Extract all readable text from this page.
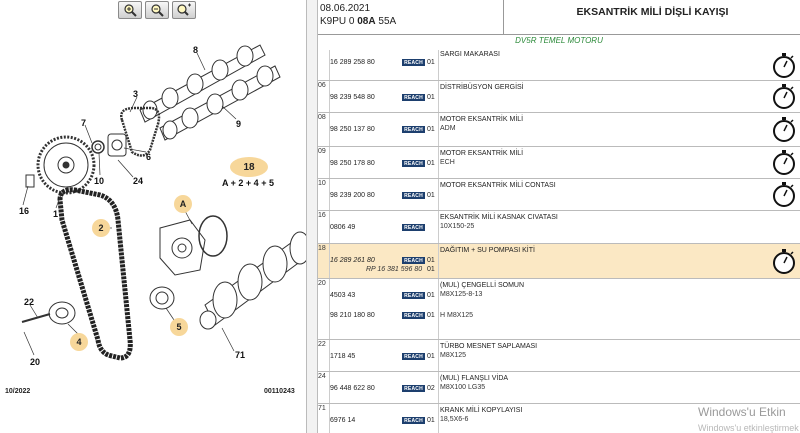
8
3
9
7
6
10	24
16	1
22
20
71
2
A
4
5
18
A + 2 + 4 + 5
10/2022	00110243
08.06.2021
K9PU 0 08A 55A
EKSANTRİK MİLİ DİŞLİ KAYIŞI
DV5R TEMEL MOTORU
16 289 258 80	REACH 01
SARGI MAKARASI
06
98 239 548 80	REACH 01
DİSTRİBÜSYON GERGİSİ
08
98 250 137 80	REACH 01
MOTOR EKSANTRİK MİLİ
ADM
09
98 250 178 80	REACH 01
MOTOR EKSANTRİK MİLİ
ECH
10
98 239 200 80	REACH 01
MOTOR EKSANTRİK MİLİ CONTASI
16
0806 49	REACH
EKSANTRİK MİLİ KASNAK CIVATASI
10X150-25
18
16 289 261 80	REACH 01
DAĞITIM + SU POMPASI KİTİ
RP 16 381 596 80 01
20
4503 43	REACH 01
(MUL) ÇENGELLİ SOMUN
M8X125-8-13
98 210 180 80	REACH 01 H M8X125
22
1718 45	REACH 01
TÜRBO MESNET SAPLAMASI
M8X125
24
96 448 622 80	REACH 02
(MUL) FLANŞLI VİDA
M8X100 LG35
71
6976 14	REACH 01
KRANK MİLİ KOPYLAYISI
18,5X6-6
Windows'u Etkin
Windows'u etkinleştirmek
